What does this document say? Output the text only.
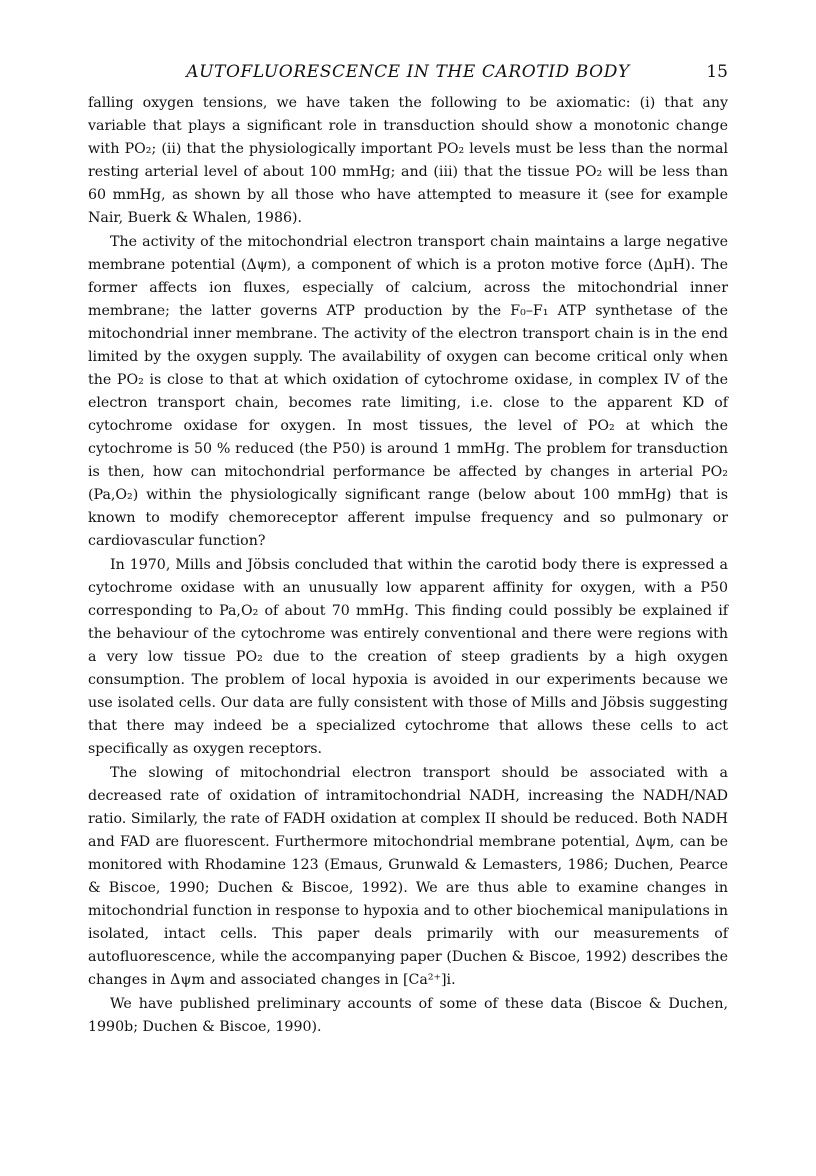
AUTOFLUORESCENCE IN THE CAROTID BODY	15

falling oxygen tensions, we have taken the following to be axiomatic: (i) that any variable that plays a significant role in transduction should show a monotonic change with PO₂; (ii) that the physiologically important PO₂ levels must be less than the normal resting arterial level of about 100 mmHg; and (iii) that the tissue PO₂ will be less than 60 mmHg, as shown by all those who have attempted to measure it (see for example Nair, Buerk & Whalen, 1986).

The activity of the mitochondrial electron transport chain maintains a large negative membrane potential (Δψm), a component of which is a proton motive force (ΔμH). The former affects ion fluxes, especially of calcium, across the mitochondrial inner membrane; the latter governs ATP production by the F₀–F₁ ATP synthetase of the mitochondrial inner membrane. The activity of the electron transport chain is in the end limited by the oxygen supply. The availability of oxygen can become critical only when the PO₂ is close to that at which oxidation of cytochrome oxidase, in complex IV of the electron transport chain, becomes rate limiting, i.e. close to the apparent KD of cytochrome oxidase for oxygen. In most tissues, the level of PO₂ at which the cytochrome is 50 % reduced (the P50) is around 1 mmHg. The problem for transduction is then, how can mitochondrial performance be affected by changes in arterial PO₂ (Pa,O₂) within the physiologically significant range (below about 100 mmHg) that is known to modify chemoreceptor afferent impulse frequency and so pulmonary or cardiovascular function?

In 1970, Mills and Jöbsis concluded that within the carotid body there is expressed a cytochrome oxidase with an unusually low apparent affinity for oxygen, with a P50 corresponding to Pa,O₂ of about 70 mmHg. This finding could possibly be explained if the behaviour of the cytochrome was entirely conventional and there were regions with a very low tissue PO₂ due to the creation of steep gradients by a high oxygen consumption. The problem of local hypoxia is avoided in our experiments because we use isolated cells. Our data are fully consistent with those of Mills and Jöbsis suggesting that there may indeed be a specialized cytochrome that allows these cells to act specifically as oxygen receptors.

The slowing of mitochondrial electron transport should be associated with a decreased rate of oxidation of intramitochondrial NADH, increasing the NADH/NAD ratio. Similarly, the rate of FADH oxidation at complex II should be reduced. Both NADH and FAD are fluorescent. Furthermore mitochondrial membrane potential, Δψm, can be monitored with Rhodamine 123 (Emaus, Grunwald & Lemasters, 1986; Duchen, Pearce & Biscoe, 1990; Duchen & Biscoe, 1992). We are thus able to examine changes in mitochondrial function in response to hypoxia and to other biochemical manipulations in isolated, intact cells. This paper deals primarily with our measurements of autofluorescence, while the accompanying paper (Duchen & Biscoe, 1992) describes the changes in Δψm and associated changes in [Ca²⁺]i.

We have published preliminary accounts of some of these data (Biscoe & Duchen, 1990b; Duchen & Biscoe, 1990).
